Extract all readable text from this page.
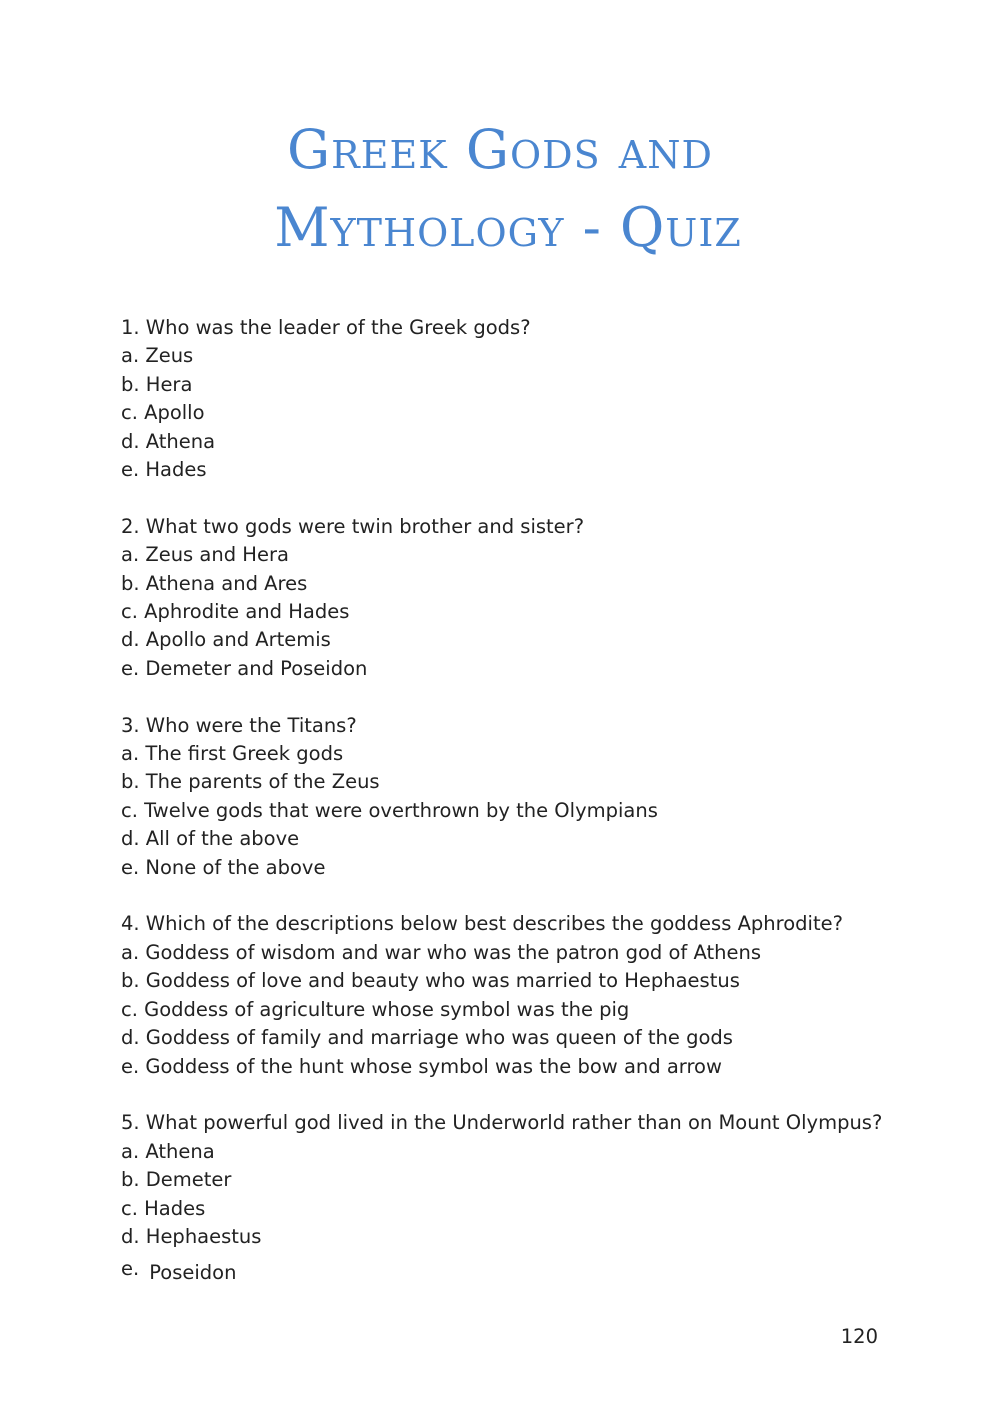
Greek Gods and
Mythology - Quiz
1. Who was the leader of the Greek gods?
a. Zeus
b. Hera
c. Apollo
d. Athena
e. Hades
2. What two gods were twin brother and sister?
a. Zeus and Hera
b. Athena and Ares
c. Aphrodite and Hades
d. Apollo and Artemis
e. Demeter and Poseidon
3. Who were the Titans?
a. The first Greek gods
b. The parents of the Zeus
c. Twelve gods that were overthrown by the Olympians
d. All of the above
e. None of the above
4. Which of the descriptions below best describes the goddess Aphrodite?
a. Goddess of wisdom and war who was the patron god of Athens
b. Goddess of love and beauty who was married to Hephaestus
c. Goddess of agriculture whose symbol was the pig
d. Goddess of family and marriage who was queen of the gods
e. Goddess of the hunt whose symbol was the bow and arrow
5. What powerful god lived in the Underworld rather than on Mount Olympus?
a. Athena
b. Demeter
c. Hades
d. Hephaestus
e. Poseidon
120
